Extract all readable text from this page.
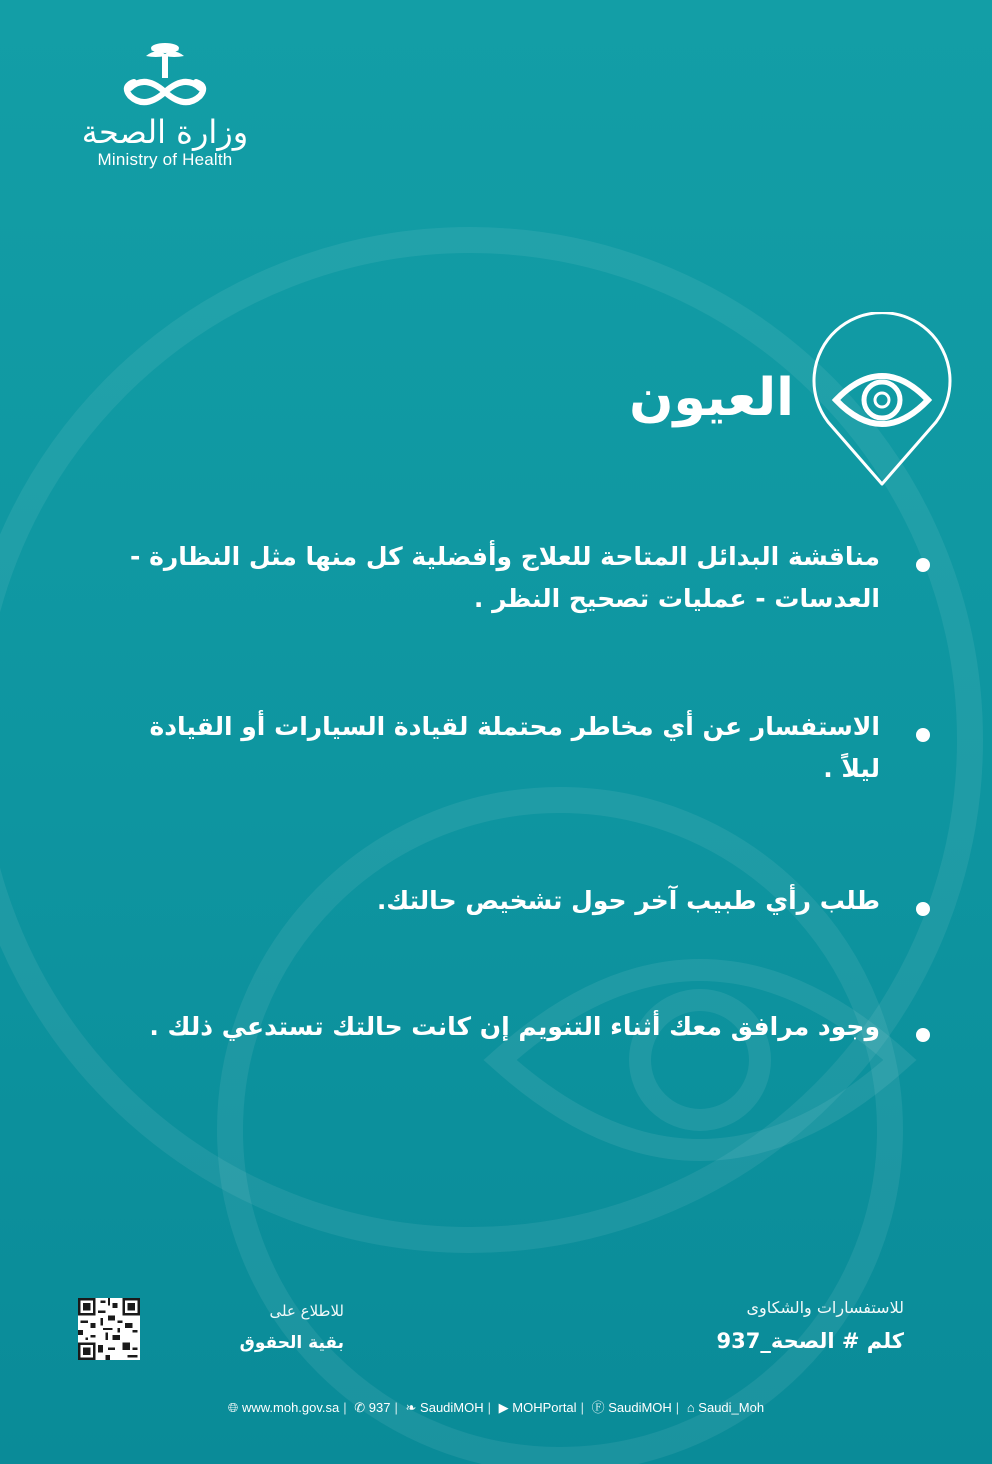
وزارة الصحة
Ministry of Health
العيون
مناقشة البدائل المتاحة للعلاج وأفضلية كل منها مثل النظارة - العدسات - عمليات تصحيح النظر .
الاستفسار عن أي مخاطر محتملة لقيادة السيارات أو القيادة ليلاً .
طلب رأي طبيب آخر حول تشخيص حالتك.
وجود مرافق معك أثناء التنويم إن كانت حالتك تستدعي ذلك .
للاستفسارات والشكاوى
كلم # الصحة_937
للاطلاع على
بقية الحقوق
🌐︎ www.moh.gov.sa | ✆ 937 | ❧ SaudiMOH | ▶ MOHPortal | Ⓕ SaudiMOH | ⌂ Saudi_Moh
